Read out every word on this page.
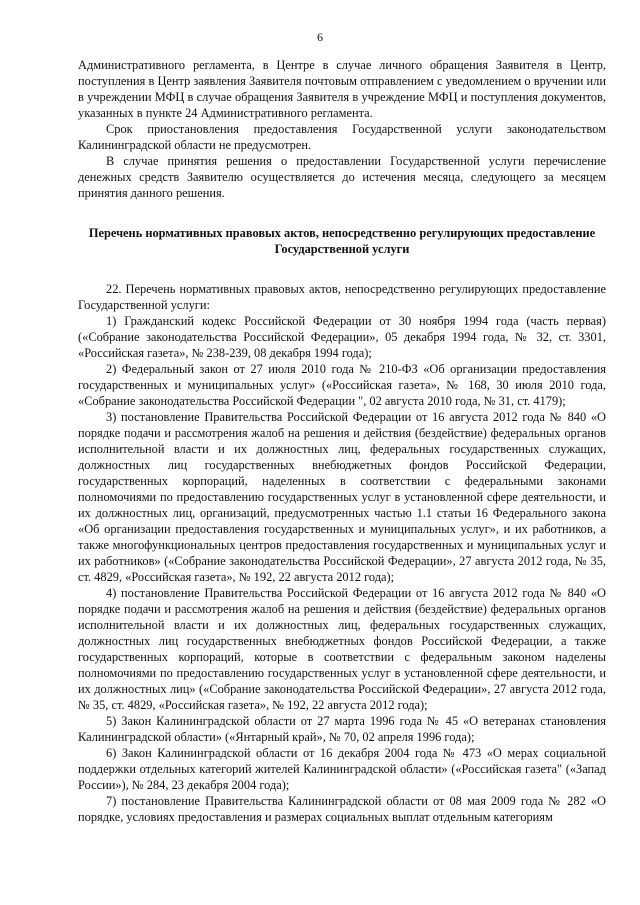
6

Административного регламента, в Центре в случае личного обращения Заявителя в Центр, поступления в Центр заявления Заявителя почтовым отправлением с уведомлением о вручении или в учреждении МФЦ в случае обращения Заявителя в учреждение МФЦ и поступления документов, указанных в пункте 24 Административного регламента.

Срок приостановления предоставления Государственной услуги законодательством Калининградской области не предусмотрен.

В случае принятия решения о предоставлении Государственной услуги перечисление денежных средств Заявителю осуществляется до истечения месяца, следующего за месяцем принятия данного решения.

Перечень нормативных правовых актов, непосредственно регулирующих предоставление Государственной услуги

22. Перечень нормативных правовых актов, непосредственно регулирующих предоставление Государственной услуги:

1) Гражданский кодекс Российской Федерации от 30 ноября 1994 года (часть первая) («Собрание законодательства Российской Федерации», 05 декабря 1994 года, № 32, ст. 3301, «Российская газета», № 238-239, 08 декабря 1994 года);

2) Федеральный закон от 27 июля 2010 года № 210-ФЗ «Об организации предоставления государственных и муниципальных услуг» («Российская газета», № 168, 30 июля 2010 года, «Собрание законодательства Российской Федерации ", 02 августа 2010 года, № 31, ст. 4179);

3) постановление Правительства Российской Федерации от 16 августа 2012 года № 840 «О порядке подачи и рассмотрения жалоб на решения и действия (бездействие) федеральных органов исполнительной власти и их должностных лиц, федеральных государственных служащих, должностных лиц государственных внебюджетных фондов Российской Федерации, государственных корпораций, наделенных в соответствии с федеральными законами полномочиями по предоставлению государственных услуг в установленной сфере деятельности, и их должностных лиц, организаций, предусмотренных частью 1.1 статьи 16 Федерального закона «Об организации предоставления государственных и муниципальных услуг», и их работников, а также многофункциональных центров предоставления государственных и муниципальных услуг и их работников» («Собрание законодательства Российской Федерации», 27 августа 2012 года, № 35, ст. 4829, «Российская газета», № 192, 22 августа 2012 года);

4) постановление Правительства Российской Федерации от 16 августа 2012 года № 840 «О порядке подачи и рассмотрения жалоб на решения и действия (бездействие) федеральных органов исполнительной власти и их должностных лиц, федеральных государственных служащих, должностных лиц государственных внебюджетных фондов Российской Федерации, а также государственных корпораций, которые в соответствии с федеральным законом наделены полномочиями по предоставлению государственных услуг в установленной сфере деятельности, и их должностных лиц» («Собрание законодательства Российской Федерации», 27 августа 2012 года, № 35, ст. 4829, «Российская газета», № 192, 22 августа 2012 года);

5) Закон Калининградской области от 27 марта 1996 года № 45 «О ветеранах становления Калининградской области» («Янтарный край», № 70, 02 апреля 1996 года);

6) Закон Калининградской области от 16 декабря 2004 года № 473 «О мерах социальной поддержки отдельных категорий жителей Калининградской области» («Российская газета" («Запад России»), № 284, 23 декабря 2004 года);

7) постановление Правительства Калининградской области от 08 мая 2009 года № 282 «О порядке, условиях предоставления и размерах социальных выплат отдельным категориям
